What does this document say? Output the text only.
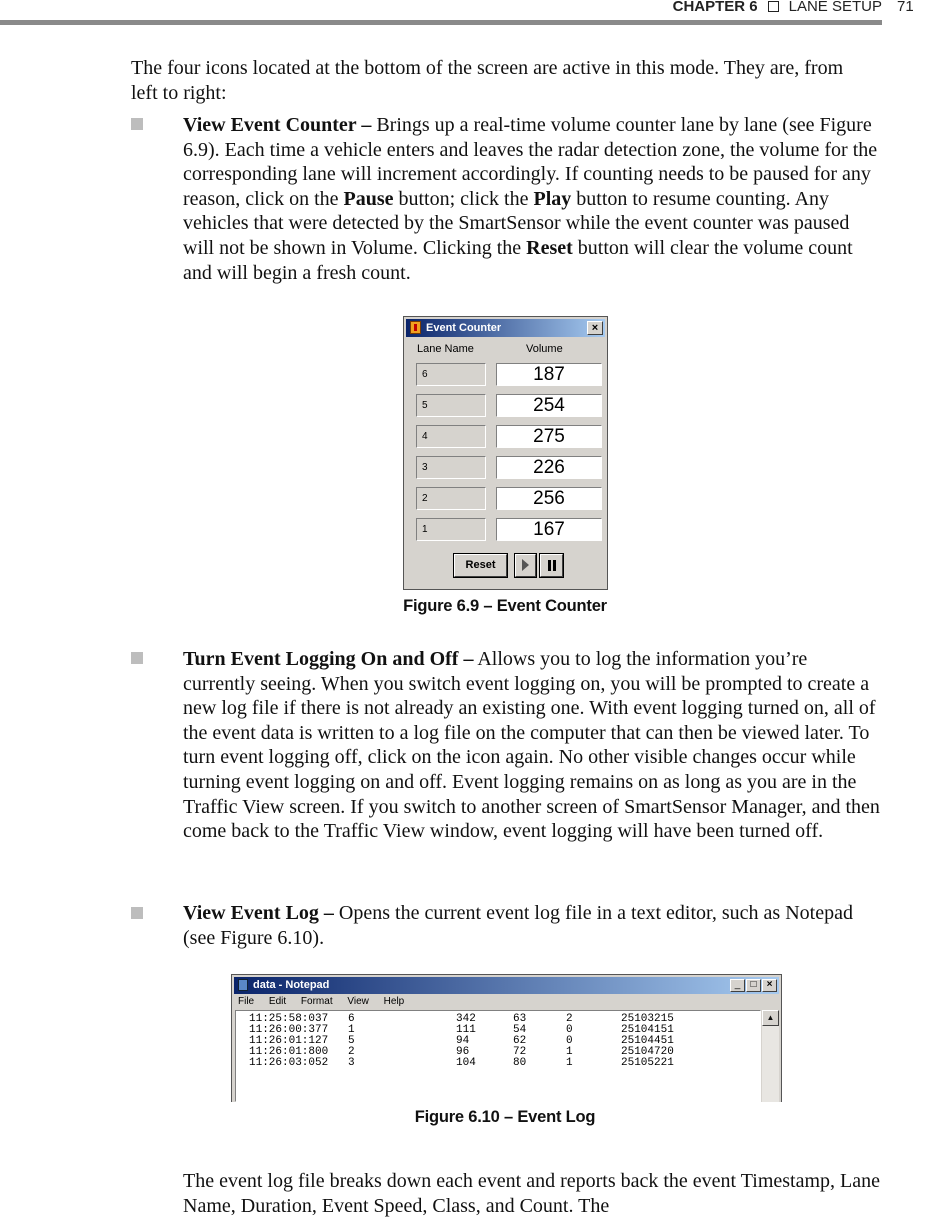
CHAPTER 6 LANE SETUP 71

The four icons located at the bottom of the screen are active in this mode. They are, from left to right:

View Event Counter – Brings up a real-time volume counter lane by lane (see Figure 6.9). Each time a vehicle enters and leaves the radar detection zone, the volume for the corresponding lane will increment accordingly. If counting needs to be paused for any reason, click on the Pause button; click the Play button to resume counting. Any vehicles that were detected by the SmartSensor while the event counter was paused will not be shown in Volume. Clicking the Reset button will clear the volume count and will begin a fresh count.

Event Counter	×
Lane Name	Volume
6	187
5	254
4	275
3	226
2	256
1	167
Reset
Figure 6.9 – Event Counter

Turn Event Logging On and Off – Allows you to log the information you’re currently seeing. When you switch event logging on, you will be prompted to create a new log file if there is not already an existing one. With event logging turned on, all of the event data is written to a log file on the computer that can then be viewed later. To turn event logging off, click on the icon again. No other visible changes occur while turning event logging on and off. Event logging remains on as long as you are in the Traffic View screen. If you switch to another screen of SmartSensor Manager, and then come back to the Traffic View window, event logging will have been turned off.

View Event Log – Opens the current event log file in a text editor, such as Notepad (see Figure 6.10).

data - Notepad	_	□	×
File Edit Format View Help
11:25:58:037 6	342	63	2	25103215
11:26:00:377 1	111	54	0	25104151
11:26:01:127 5	94	62	0	25104451
11:26:01:800 2	96	72	1	25104720
11:26:03:052 3	104	80	1	25105221
▲
Figure 6.10 – Event Log

The event log file breaks down each event and reports back the event Timestamp, Lane Name, Duration, Event Speed, Class, and Count. The
